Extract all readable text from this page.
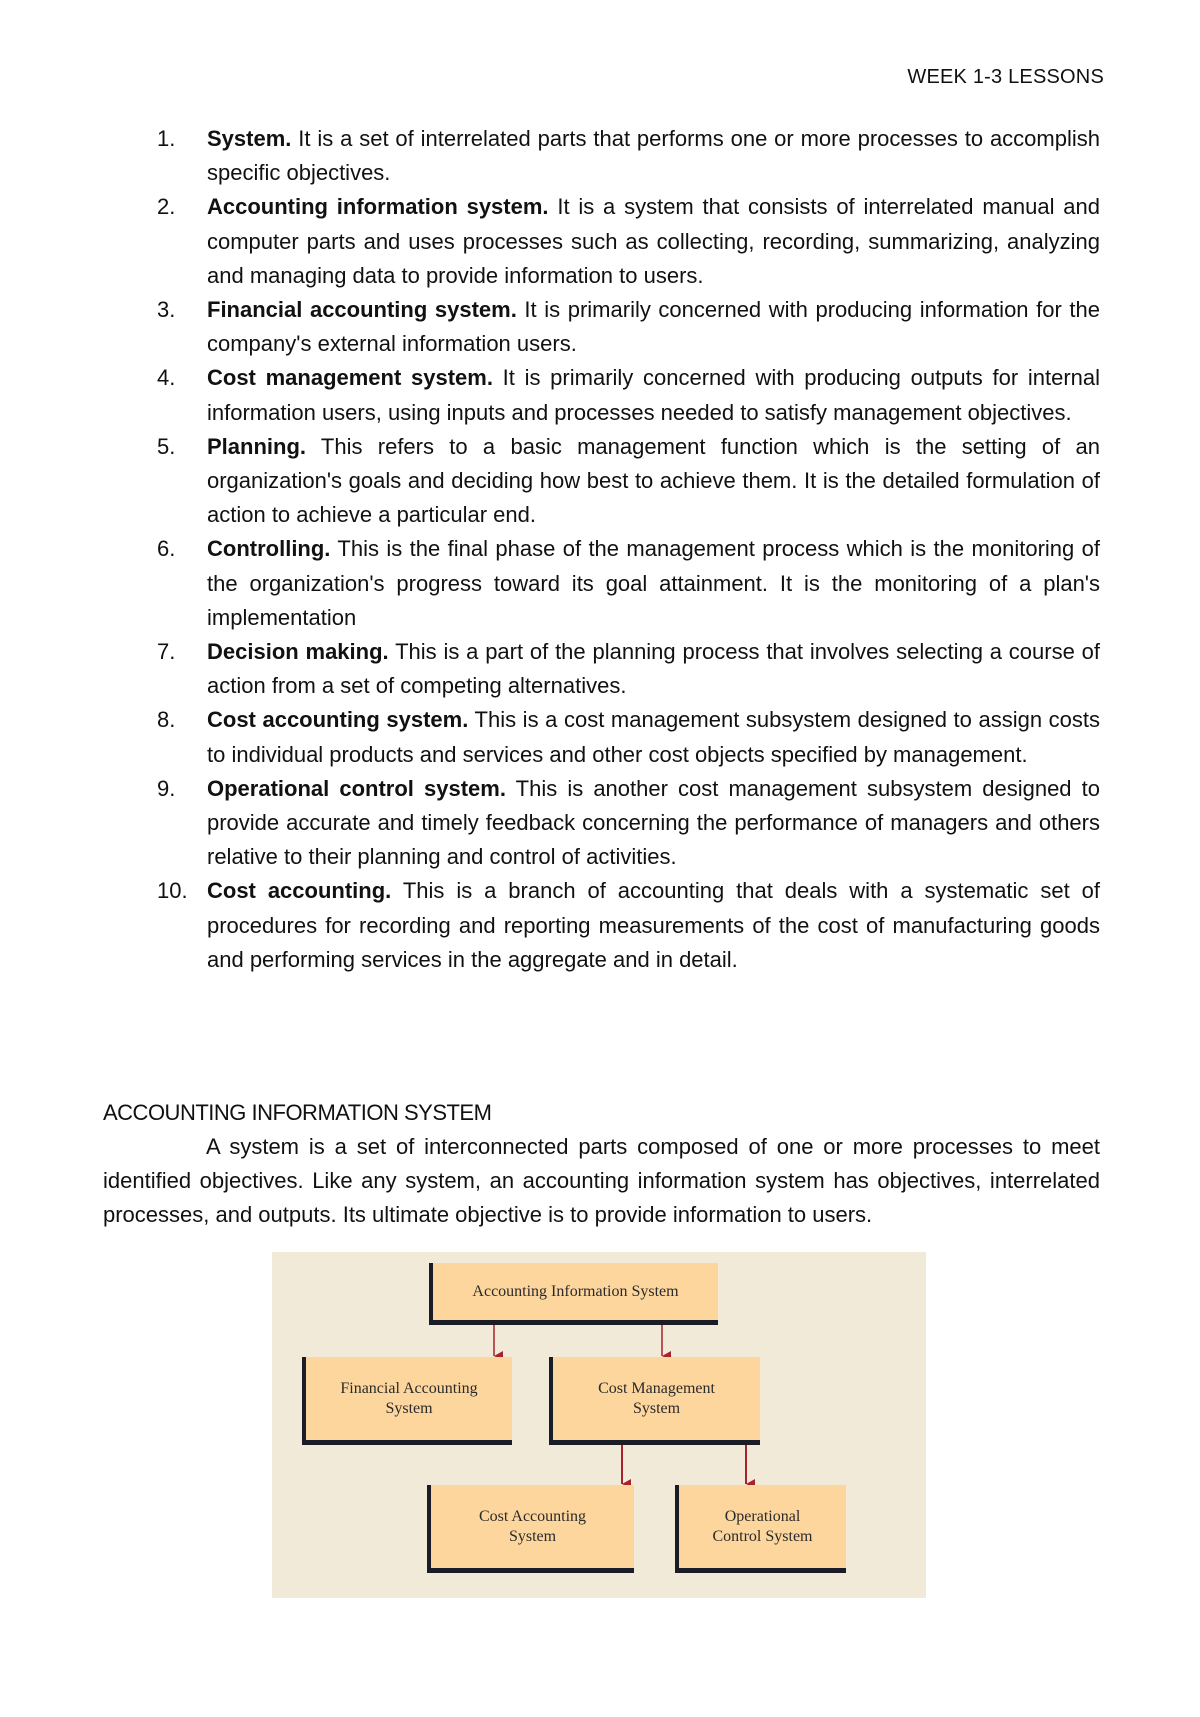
WEEK 1-3 LESSONS
1.	System. It is a set of interrelated parts that performs one or more processes to accomplish specific objectives.
2.	Accounting information system. It is a system that consists of interrelated manual and computer parts and uses processes such as collecting, recording, summarizing, analyzing and managing data to provide information to users.
3.	Financial accounting system. It is primarily concerned with producing information for the company's external information users.
4.	Cost management system. It is primarily concerned with producing outputs for internal information users, using inputs and processes needed to satisfy management objectives.
5.	Planning. This refers to a basic management function which is the setting of an organization's goals and deciding how best to achieve them. It is the detailed formulation of action to achieve a particular end.
6.	Controlling. This is the final phase of the management process which is the monitoring of the organization's progress toward its goal attainment. It is the monitoring of a plan's implementation
7.	Decision making. This is a part of the planning process that involves selecting a course of action from a set of competing alternatives.
8.	Cost accounting system. This is a cost management subsystem designed to assign costs to individual products and services and other cost objects specified by management.
9.	Operational control system. This is another cost management subsystem designed to provide accurate and timely feedback concerning the performance of managers and others relative to their planning and control of activities.
10. Cost accounting. This is a branch of accounting that deals with a systematic set of procedures for recording and reporting measurements of the cost of manufacturing goods and performing services in the aggregate and in detail.
ACCOUNTING INFORMATION SYSTEM

A system is a set of interconnected parts composed of one or more processes to meet identified objectives. Like any system, an accounting information system has objectives, interrelated processes, and outputs. Its ultimate objective is to provide information to users.

Accounting Information System
Financial Accounting
System
Cost Management
System
Cost Accounting
System
Operational
Control System
